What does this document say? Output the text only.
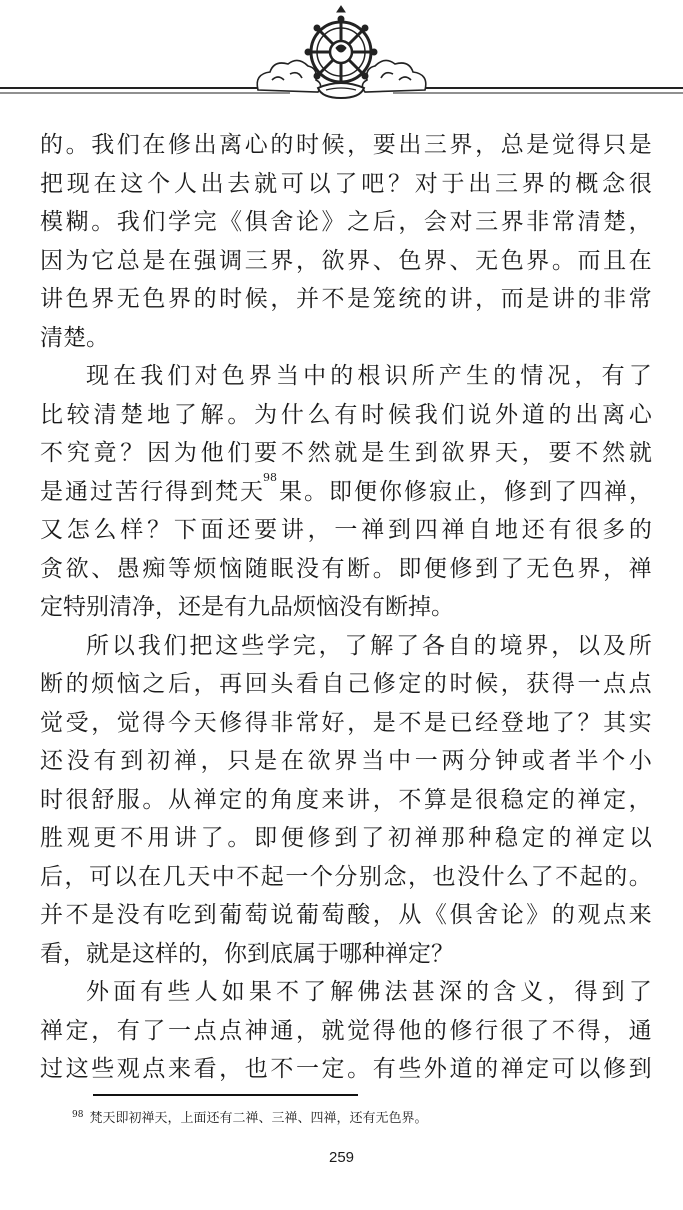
的 。 我 们 在 修 出 离 心 的 时 候 ， 要 出 三 界 ， 总 是 觉 得 只 是
把 现 在 这 个 人 出 去 就 可 以 了 吧 ？ 对 于 出 三 界 的 概 念 很
模 糊 。 我 们 学 完 《 俱 舍 论 》 之 后 ， 会 对 三 界 非 常 清 楚 ，
因 为 它 总 是 在 强 调 三 界 ， 欲 界 、 色 界 、 无 色 界 。 而 且 在
讲 色 界 无 色 界 的 时 候 ， 并 不 是 笼 统 的 讲 ， 而 是 讲 的 非 常
清 楚 。
现 在 我 们 对 色 界 当 中 的 根 识 所 产 生 的 情 况 ， 有 了
比 较 清 楚 地 了 解 。 为 什 么 有 时 候 我 们 说 外 道 的 出 离 心
不 究 竟 ？ 因 为 他 们 要 不 然 就 是 生 到 欲 界 天 ， 要 不 然 就
是 通 过 苦 行 得 到 梵 天$^{98}$
果 。 即 便 你 修 寂 止 ， 修 到 了 四 禅 ，
又 怎 么 样 ？ 下 面 还 要 讲 ， 一 禅 到 四 禅 自 地 还 有 很 多 的
贪 欲 、 愚 痴 等 烦 恼 随 眠 没 有 断 。 即 便 修 到 了 无 色 界 ， 禅
定 特 别 清 净 ， 还 是 有 九 品 烦 恼 没 有 断 掉 。
所 以 我 们 把 这 些 学 完 ， 了 解 了 各 自 的 境 界 ， 以 及 所
断 的 烦 恼 之 后 ， 再 回 头 看 自 己 修 定 的 时 候 ， 获 得 一 点 点
觉 受 ， 觉 得 今 天 修 得 非 常 好 ， 是 不 是 已 经 登 地 了 ？ 其 实
还 没 有 到 初 禅 ， 只 是 在 欲 界 当 中 一 两 分 钟 或 者 半 个 小
时 很 舒 服 。 从 禅 定 的 角 度 来 讲 ， 不 算 是 很 稳 定 的 禅 定 ，
胜 观 更 不 用 讲 了 。 即 便 修 到 了 初 禅 那 种 稳 定 的 禅 定 以
后 ， 可 以 在 几 天 中 不 起 一 个 分 别 念 ， 也 没 什 么 了 不 起 的 。
并 不 是 没 有 吃 到 葡 萄 说 葡 萄 酸 ， 从 《 俱 舍 论 》 的 观 点 来
看 ， 就 是 这 样 的 ， 你 到 底 属 于 哪 种 禅 定 ？
外 面 有 些 人 如 果 不 了 解 佛 法 甚 深 的 含 义 ， 得 到 了
禅 定 ， 有 了 一 点 点 神 通 ， 就 觉 得 他 的 修 行 很 了 不 得 ， 通
过 这 些 观 点 来 看 ， 也 不 一 定 。 有 些 外 道 的 禅 定 可 以 修 到
$^{98}$ 梵天即初禅天，上面还有二禅、三禅、四禅，还有无色界。
259
